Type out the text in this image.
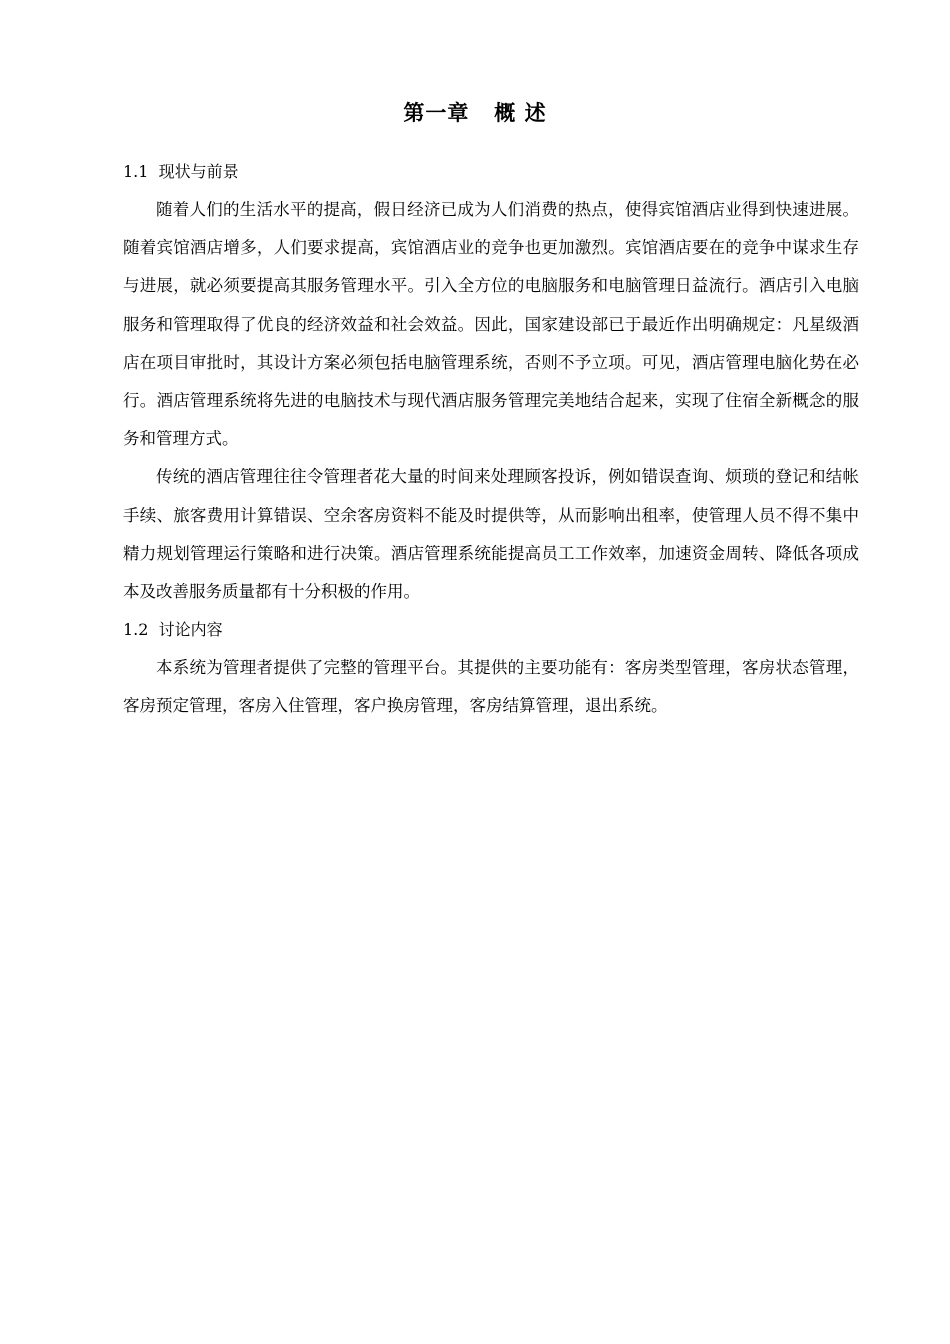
第一章   概 述
1.1  现状与前景

随着人们的生活水平的提高，假日经济已成为人们消费的热点，使得宾馆酒店业得到快速进展。随着宾馆酒店增多，人们要求提高，宾馆酒店业的竞争也更加激烈。宾馆酒店要在的竞争中谋求生存与进展，就必须要提高其服务管理水平。引入全方位的电脑服务和电脑管理日益流行。酒店引入电脑服务和管理取得了优良的经济效益和社会效益。因此，国家建设部已于最近作出明确规定：凡星级酒店在项目审批时，其设计方案必须包括电脑管理系统，否则不予立项。可见，酒店管理电脑化势在必行。酒店管理系统将先进的电脑技术与现代酒店服务管理完美地结合起来，实现了住宿全新概念的服务和管理方式。

传统的酒店管理往往令管理者花大量的时间来处理顾客投诉，例如错误查询、烦琐的登记和结帐手续、旅客费用计算错误、空余客房资料不能及时提供等，从而影响出租率，使管理人员不得不集中精力规划管理运行策略和进行决策。酒店管理系统能提高员工工作效率，加速资金周转、降低各项成本及改善服务质量都有十分积极的作用。

1.2  讨论内容

本系统为管理者提供了完整的管理平台。其提供的主要功能有：客房类型管理，客房状态管理，客房预定管理，客房入住管理，客户换房管理，客房结算管理，退出系统。
